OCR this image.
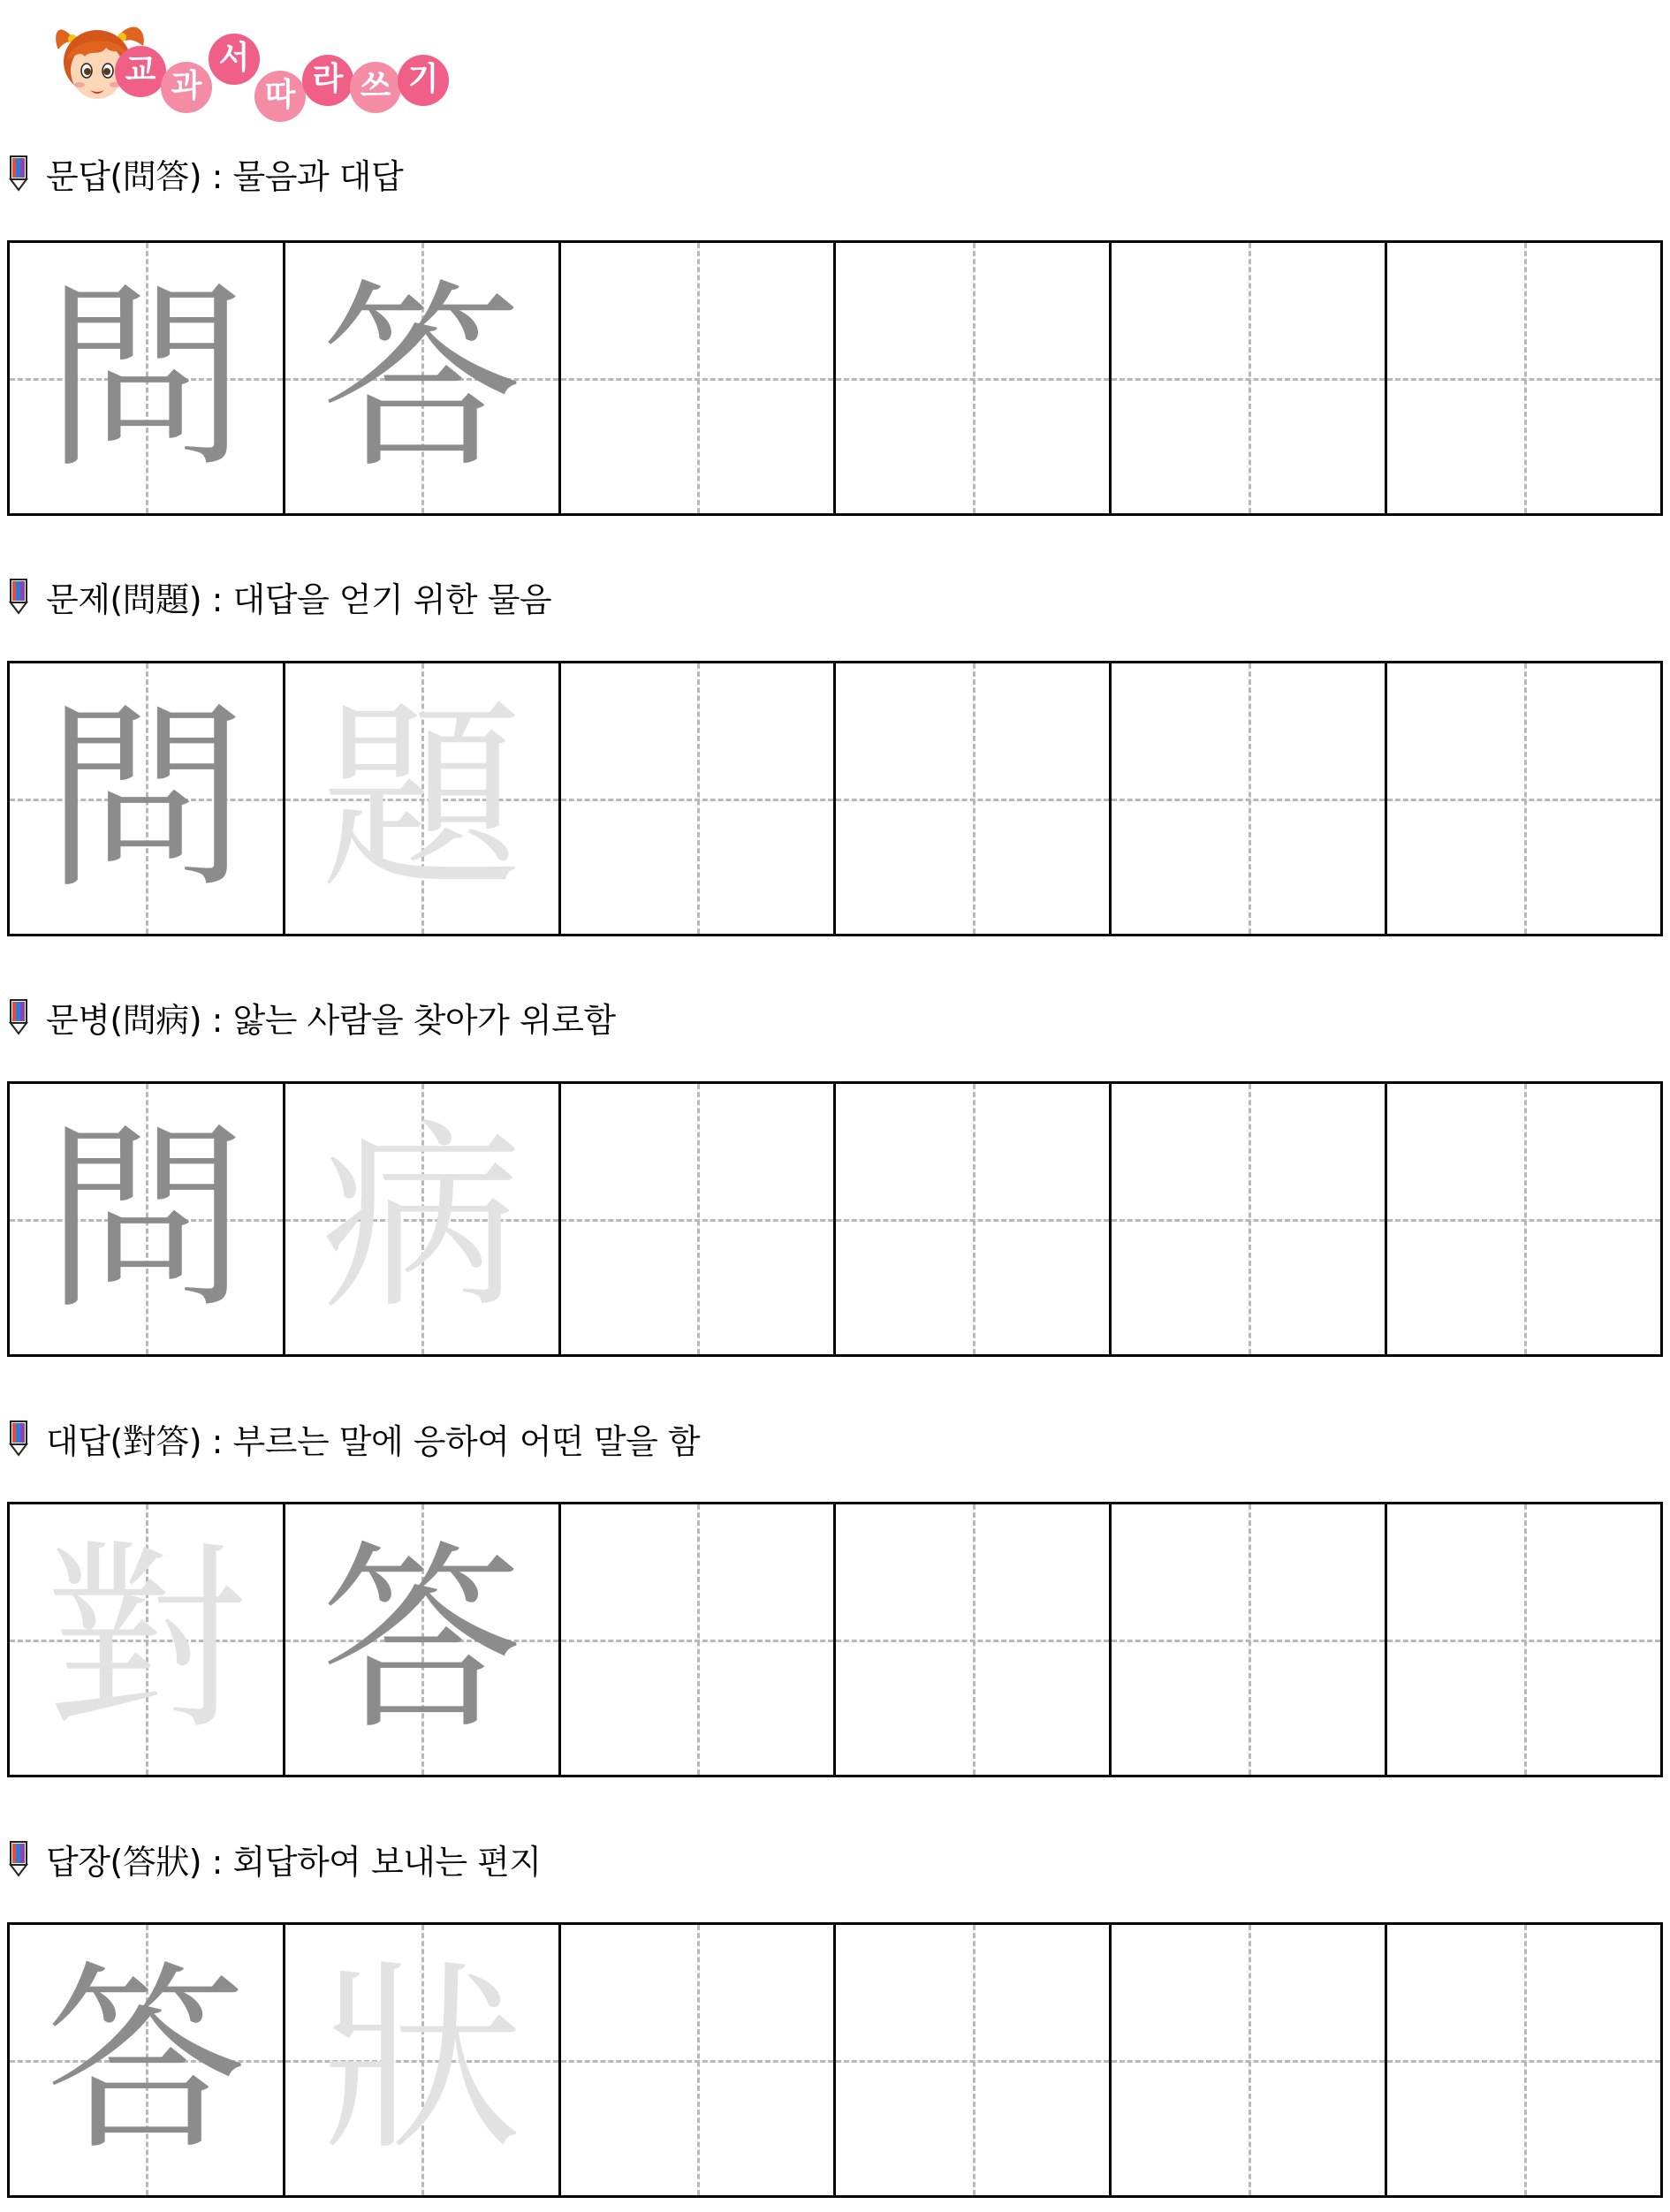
교 과
서
따 라 쓰 기
문답(問答) : 물음과 대답
問 答
문제(問題) : 대답을 얻기 위한 물음
問 題
문병(問病) : 앓는 사람을 찾아가 위로함
問 病
대답(對答) : 부르는 말에 응하여 어떤 말을 함
對 答
답장(答狀) : 회답하여 보내는 편지
答 狀
